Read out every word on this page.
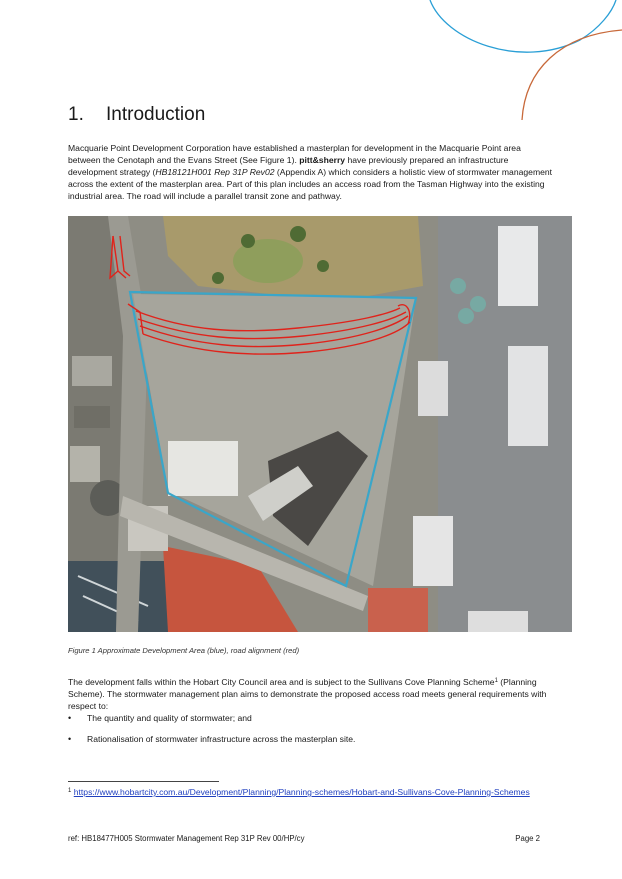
1. Introduction

Macquarie Point Development Corporation have established a masterplan for development in the Macquarie Point area between the Cenotaph and the Evans Street (See Figure 1). pitt&sherry have previously prepared an infrastructure development strategy (HB18121H001 Rep 31P Rev02 (Appendix A) which considers a holistic view of stormwater management across the extent of the masterplan area. Part of this plan includes an access road from the Tasman Highway into the existing industrial area. The road will include a parallel transit zone and pathway.

Figure 1 Approximate Development Area (blue), road alignment (red)

The development falls within the Hobart City Council area and is subject to the Sullivans Cove Planning Scheme$^1$ (Planning Scheme). The stormwater management plan aims to demonstrate the proposed access road meets general requirements with respect to:

• The quantity and quality of stormwater; and
• Rationalisation of stormwater infrastructure across the masterplan site.
$^1$ https://www.hobartcity.com.au/Development/Planning/Planning-schemes/Hobart-and-Sullivans-Cove-Planning-Schemes
ref: HB18477H005 Stormwater Management Rep 31P Rev 00/HP/cy	Page 2
